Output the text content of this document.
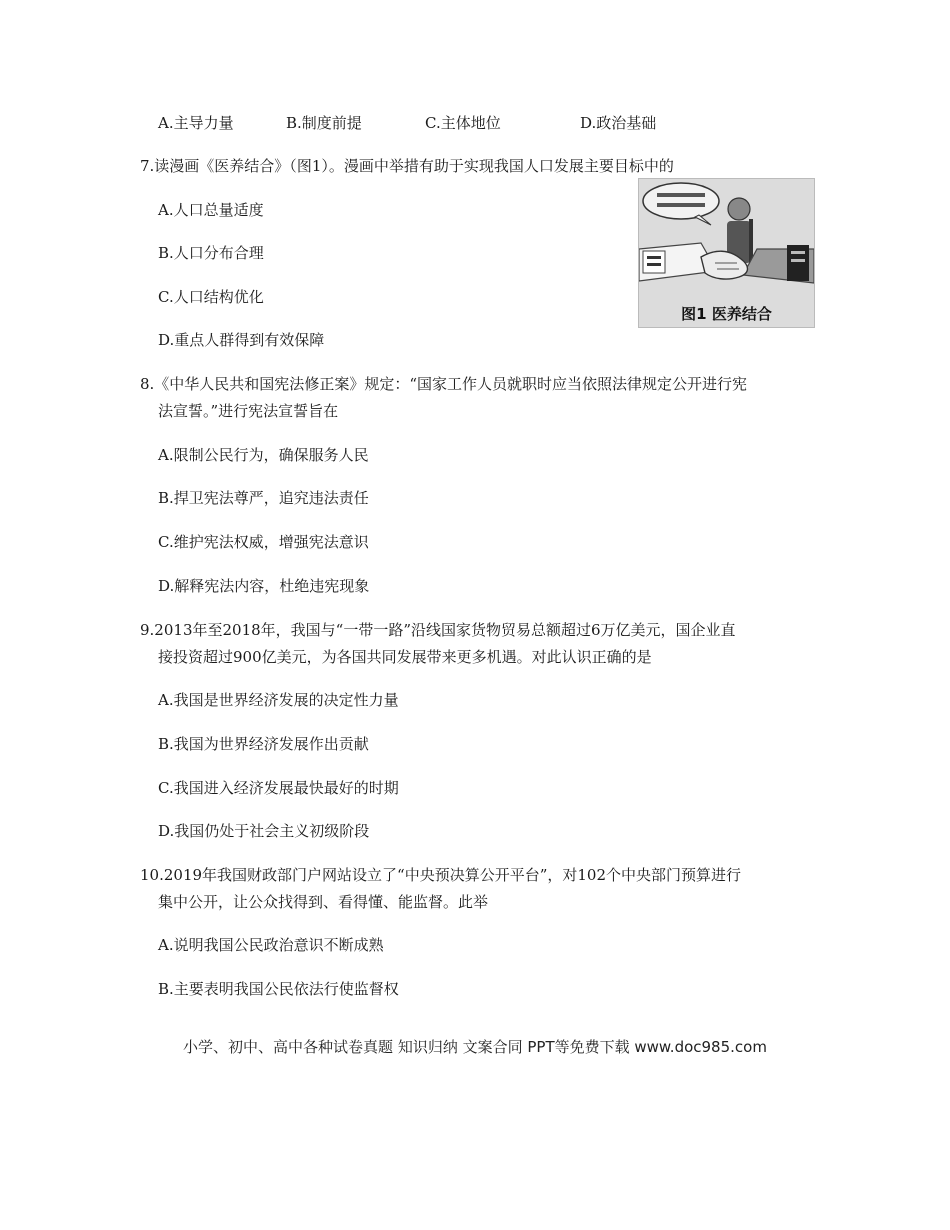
A.主导力量	B.制度前提	C.主体地位	D.政治基础
7.读漫画《医养结合》（图1）。漫画中举措有助于实现我国人口发展主要目标中的
A.人口总量适度
B.人口分布合理
C.人口结构优化
D.重点人群得到有效保障
图1 医养结合
8.《中华人民共和国宪法修正案》规定：“国家工作人员就职时应当依照法律规定公开进行宪
法宣誓。”进行宪法宣誓旨在
A.限制公民行为，确保服务人民
B.捍卫宪法尊严，追究违法责任
C.维护宪法权威，增强宪法意识
D.解释宪法内容，杜绝违宪现象
9.2013年至2018年，我国与“一带一路”沿线国家货物贸易总额超过6万亿美元，国企业直
接投资超过900亿美元，为各国共同发展带来更多机遇。对此认识正确的是
A.我国是世界经济发展的决定性力量
B.我国为世界经济发展作出贡献
C.我国进入经济发展最快最好的时期
D.我国仍处于社会主义初级阶段
10.2019年我国财政部门户网站设立了“中央预决算公开平台”，对102个中央部门预算进行
集中公开，让公众找得到、看得懂、能监督。此举
A.说明我国公民政治意识不断成熟
B.主要表明我国公民依法行使监督权
小学、初中、高中各种试卷真题 知识归纳 文案合同 PPT等免费下载 www.doc985.com
